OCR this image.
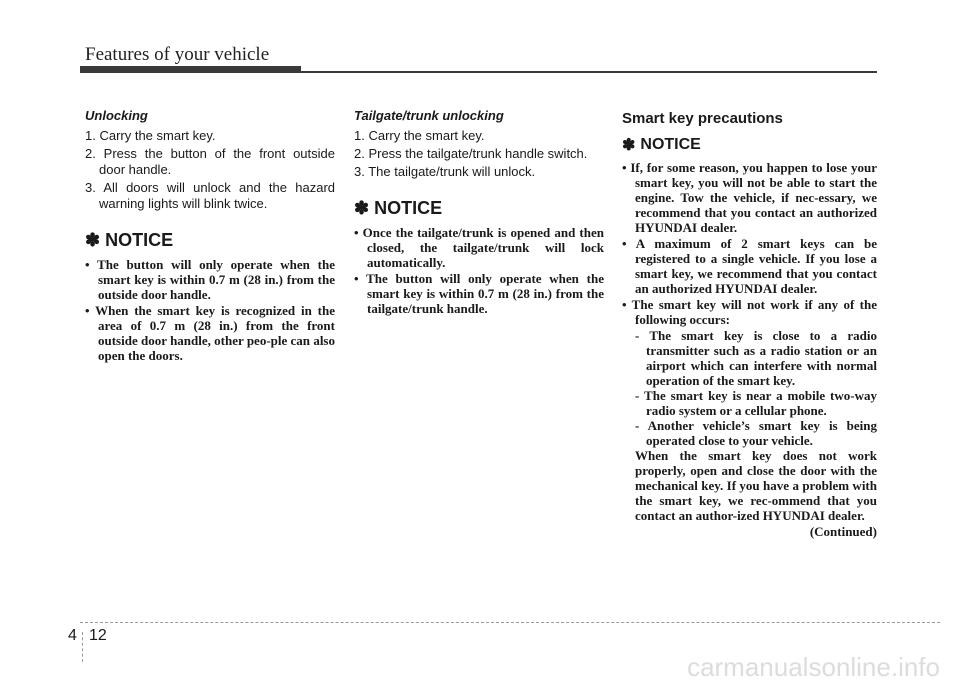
Features of your vehicle
Unlocking
1. Carry the smart key.
2. Press the button of the front outside door handle.
3. All doors will unlock and the hazard warning lights will blink twice.
✽ NOTICE
• The button will only operate when the smart key is within 0.7 m (28 in.) from the outside door handle.
• When the smart key is recognized in the area of 0.7 m (28 in.) from the front outside door handle, other peo-ple can also open the doors.
Tailgate/trunk unlocking
1. Carry the smart key.
2. Press the tailgate/trunk handle switch.
3. The tailgate/trunk will unlock.
✽ NOTICE
• Once the tailgate/trunk is opened and then closed, the tailgate/trunk will lock automatically.
• The button will only operate when the smart key is within 0.7 m (28 in.) from the tailgate/trunk handle.
Smart key precautions
✽ NOTICE
• If, for some reason, you happen to lose your smart key, you will not be able to start the engine. Tow the vehicle, if nec-essary, we recommend that you contact an authorized HYUNDAI dealer.
• A maximum of 2 smart keys can be registered to a single vehicle. If you lose a smart key, we recommend that you contact an authorized HYUNDAI dealer.
• The smart key will not work if any of the following occurs:
- The smart key is close to a radio transmitter such as a radio station or an airport which can interfere with normal operation of the smart key.
- The smart key is near a mobile two-way radio system or a cellular phone.
- Another vehicle’s smart key is being operated close to your vehicle.

When the smart key does not work properly, open and close the door with the mechanical key. If you have a problem with the smart key, we rec-ommend that you contact an author-ized HYUNDAI dealer.

(Continued)
4 12
carmanualsonline.info
